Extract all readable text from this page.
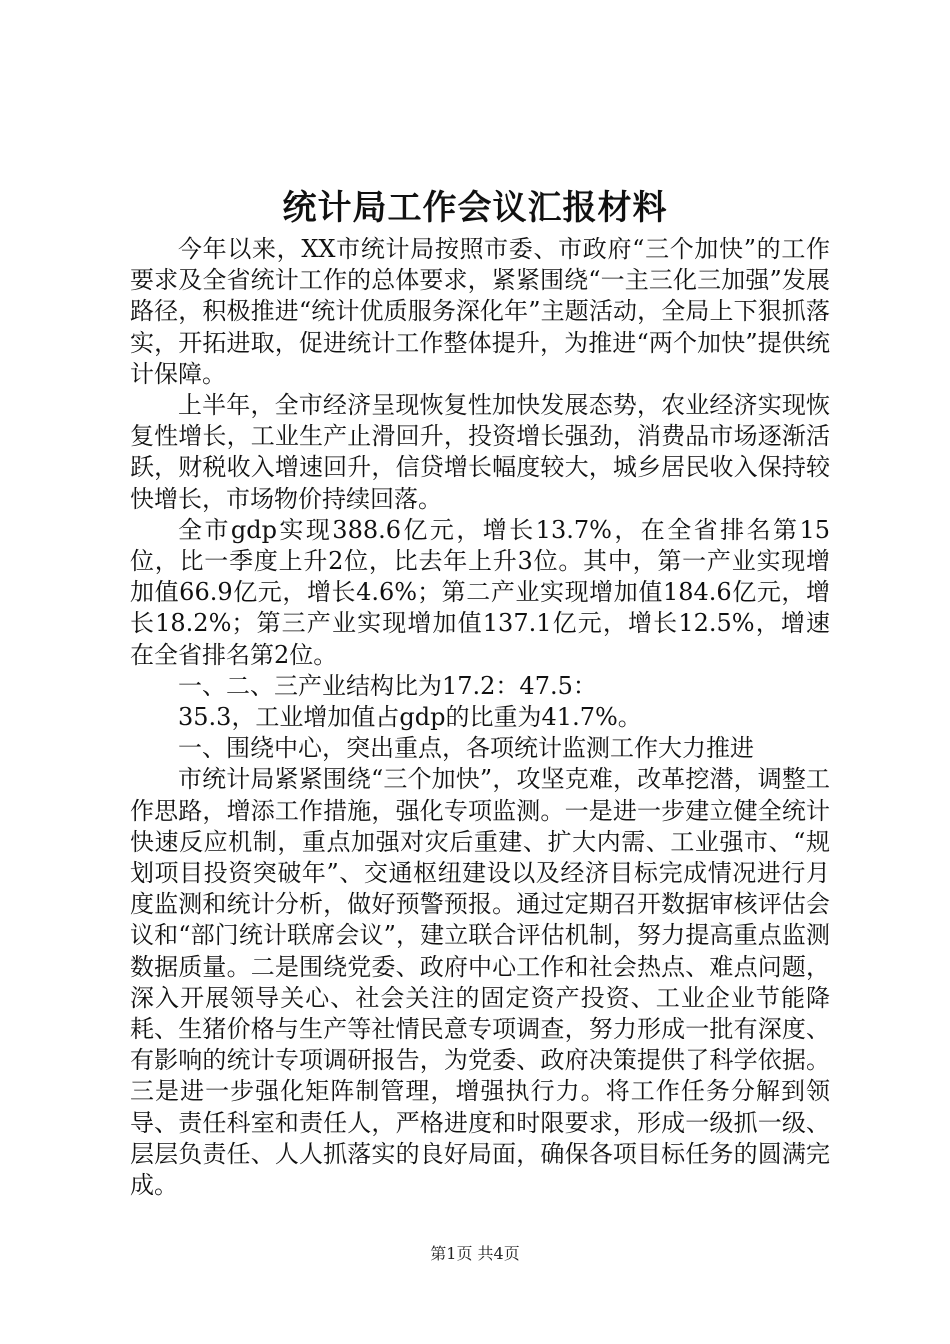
统计局工作会议汇报材料

今年以来，XX市统计局按照市委、市政府“三个加快”的工作要求及全省统计工作的总体要求，紧紧围绕“一主三化三加强”发展路径，积极推进“统计优质服务深化年”主题活动，全局上下狠抓落实，开拓进取，促进统计工作整体提升，为推进“两个加快”提供统计保障。

上半年，全市经济呈现恢复性加快发展态势，农业经济实现恢复性增长，工业生产止滑回升，投资增长强劲，消费品市场逐渐活跃，财税收入增速回升，信贷增长幅度较大，城乡居民收入保持较快增长，市场物价持续回落。

全市gdp实现388.6亿元，增长13.7%，在全省排名第15位，比一季度上升2位，比去年上升3位。其中，第一产业实现增加值66.9亿元，增长4.6%；第二产业实现增加值184.6亿元，增长18.2%；第三产业实现增加值137.1亿元，增长12.5%，增速在全省排名第2位。

一、二、三产业结构比为17.2：47.5：

35.3，工业增加值占gdp的比重为41.7%。

一、围绕中心，突出重点，各项统计监测工作大力推进

市统计局紧紧围绕“三个加快”，攻坚克难，改革挖潜，调整工作思路，增添工作措施，强化专项监测。一是进一步建立健全统计快速反应机制，重点加强对灾后重建、扩大内需、工业强市、“规划项目投资突破年”、交通枢纽建设以及经济目标完成情况进行月度监测和统计分析，做好预警预报。通过定期召开数据审核评估会议和“部门统计联席会议”，建立联合评估机制，努力提高重点监测数据质量。二是围绕党委、政府中心工作和社会热点、难点问题，深入开展领导关心、社会关注的固定资产投资、工业企业节能降耗、生猪价格与生产等社情民意专项调查，努力形成一批有深度、有影响的统计专项调研报告，为党委、政府决策提供了科学依据。三是进一步强化矩阵制管理，增强执行力。将工作任务分解到领导、责任科室和责任人，严格进度和时限要求，形成一级抓一级、层层负责任、人人抓落实的良好局面，确保各项目标任务的圆满完成。

第1页 共4页
